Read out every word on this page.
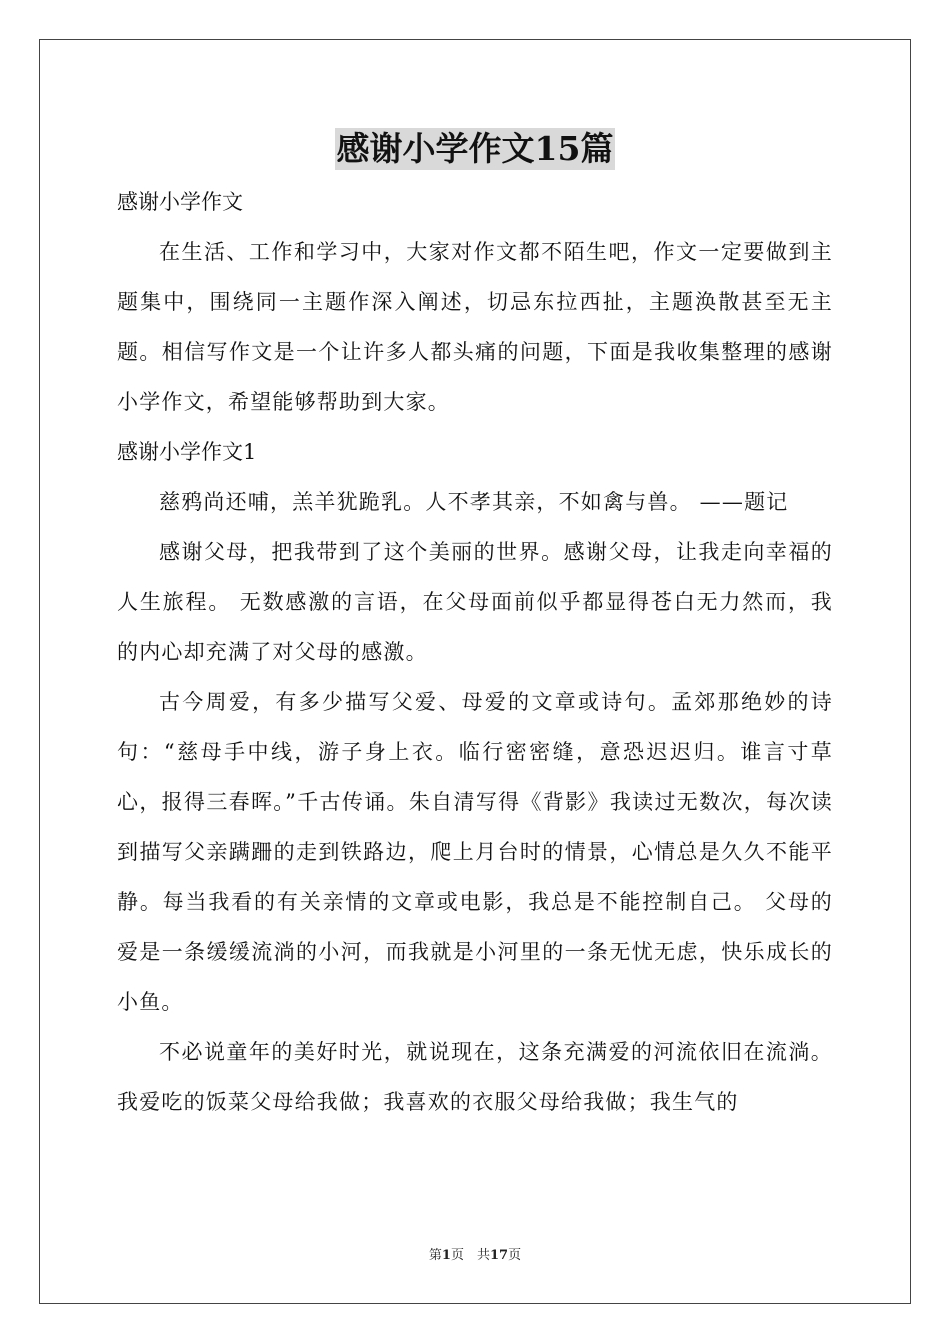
感谢小学作文15篇

感谢小学作文

在生活、工作和学习中，大家对作文都不陌生吧，作文一定要做到主题集中，围绕同一主题作深入阐述，切忌东拉西扯，主题涣散甚至无主题。相信写作文是一个让许多人都头痛的问题，下面是我收集整理的感谢小学作文，希望能够帮助到大家。

感谢小学作文1

慈鸦尚还哺，羔羊犹跪乳。人不孝其亲，不如禽与兽。 ——题记

感谢父母，把我带到了这个美丽的世界。感谢父母，让我走向幸福的人生旅程。 无数感激的言语，在父母面前似乎都显得苍白无力然而，我的内心却充满了对父母的感激。

古今周爱，有多少描写父爱、母爱的文章或诗句。孟郊那绝妙的诗句：“慈母手中线，游子身上衣。临行密密缝，意恐迟迟归。谁言寸草心，报得三春晖。”千古传诵。朱自清写得《背影》我读过无数次，每次读到描写父亲蹒跚的走到铁路边，爬上月台时的情景，心情总是久久不能平静。每当我看的有关亲情的文章或电影，我总是不能控制自己。 父母的爱是一条缓缓流淌的小河，而我就是小河里的一条无忧无虑，快乐成长的小鱼。

不必说童年的美好时光，就说现在，这条充满爱的河流依旧在流淌。我爱吃的饭菜父母给我做；我喜欢的衣服父母给我做；我生气的

第1页　共17页
